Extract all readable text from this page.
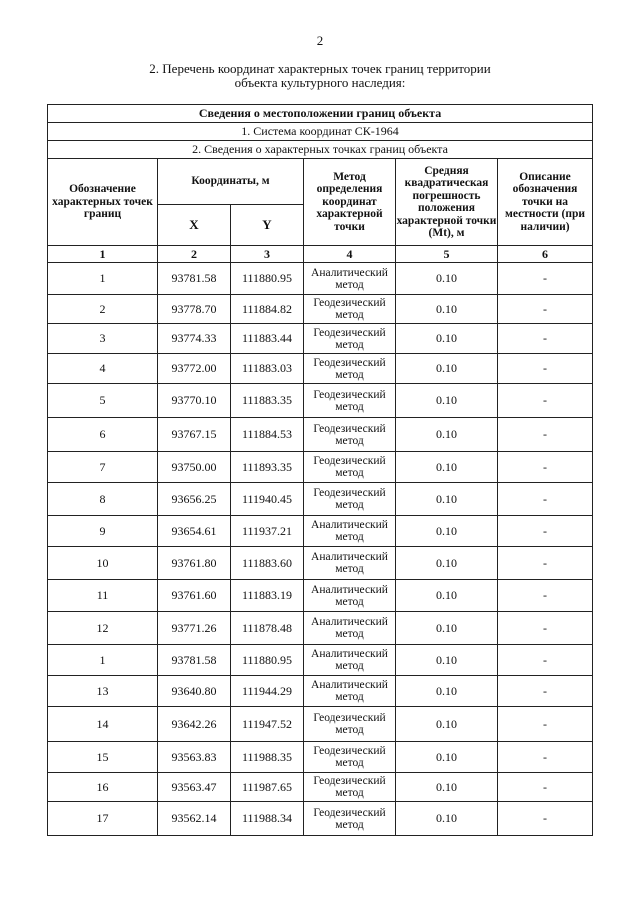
2
2. Перечень координат характерных точек границ территории
объекта культурного наследия:
Сведения о местоположении границ объекта					
1. Система координат СК-1964					
2. Сведения о характерных точках границ объекта					
Обозначение характерных точек границ	Координаты, м		Метод определения координат характерной точки	Средняя квадратическая погрешность положения характерной точки (Mt), м	Описание обозначения точки на местности (при наличии)
	X	Y			
1	2	3	4	5	6
1	93781.58	111880.95	Аналитический метод	0.10	-
2	93778.70	111884.82	Геодезический метод	0.10	-
3	93774.33	111883.44	Геодезический метод	0.10	-
4	93772.00	111883.03	Геодезический метод	0.10	-
5	93770.10	111883.35	Геодезический метод	0.10	-
6	93767.15	111884.53	Геодезический метод	0.10	-
7	93750.00	111893.35	Геодезический метод	0.10	-
8	93656.25	111940.45	Геодезический метод	0.10	-
9	93654.61	111937.21	Аналитический метод	0.10	-
10	93761.80	111883.60	Аналитический метод	0.10	-
11	93761.60	111883.19	Аналитический метод	0.10	-
12	93771.26	111878.48	Аналитический метод	0.10	-
1	93781.58	111880.95	Аналитический метод	0.10	-
13	93640.80	111944.29	Аналитический метод	0.10	-
14	93642.26	111947.52	Геодезический метод	0.10	-
15	93563.83	111988.35	Геодезический метод	0.10	-
16	93563.47	111987.65	Геодезический метод	0.10	-
17	93562.14	111988.34	Геодезический метод	0.10	-
